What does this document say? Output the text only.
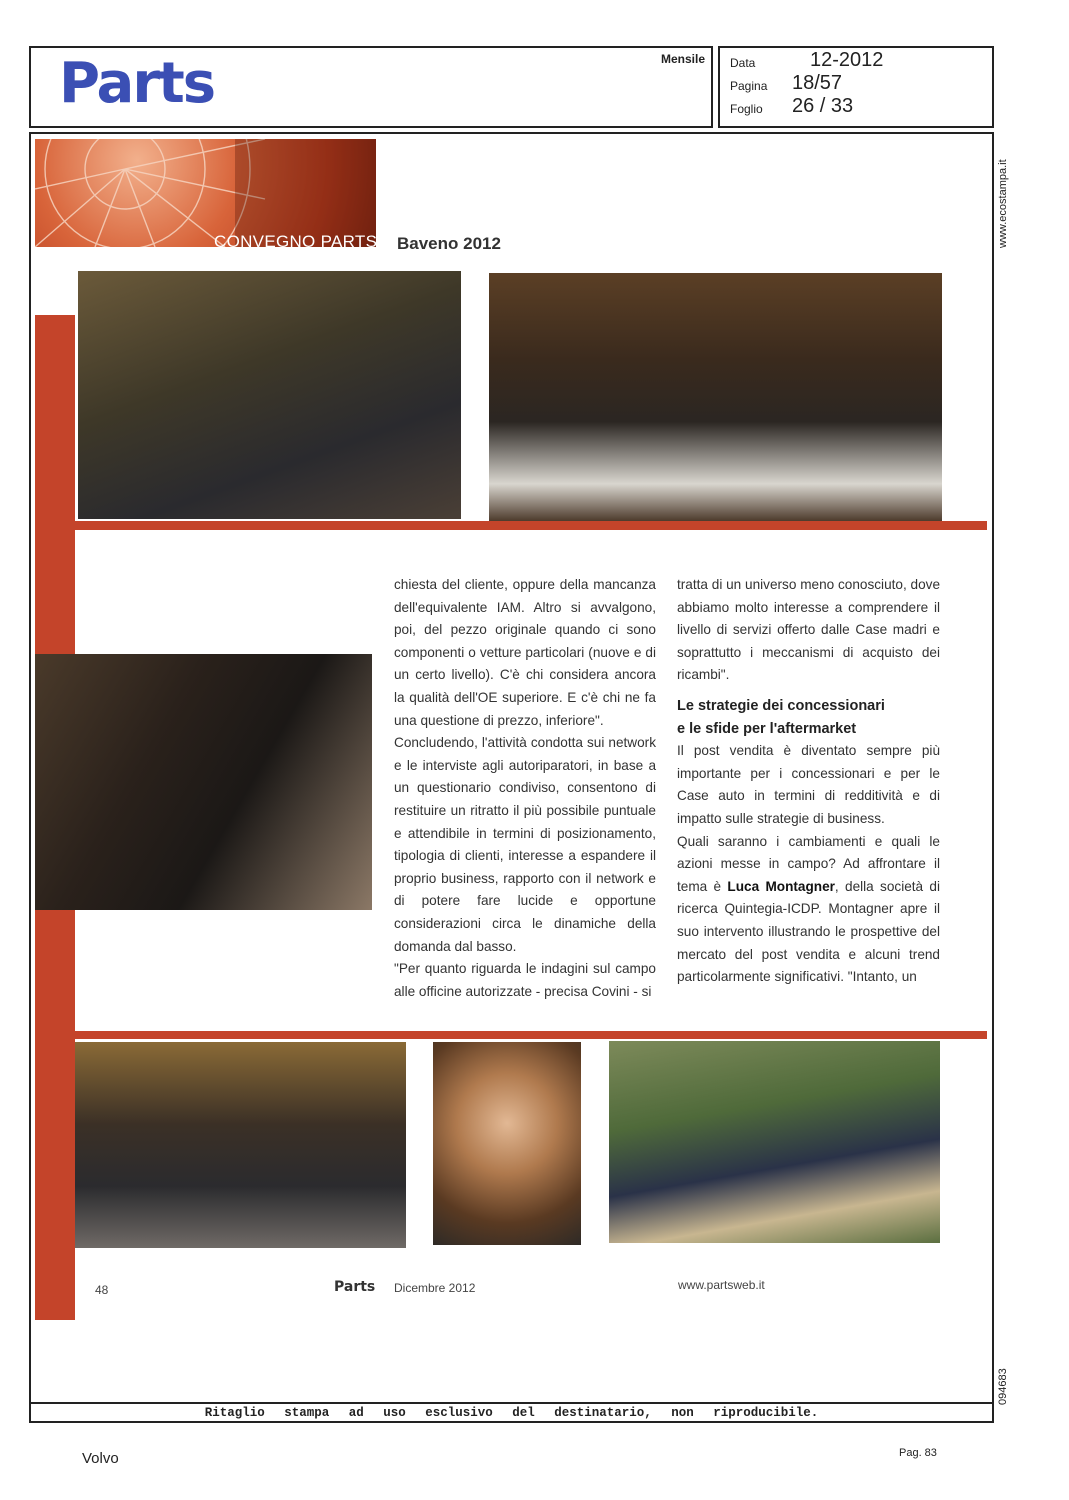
Parts	Mensile Data	12-2012
Pagina 18/57
Foglio 26 / 33
www.ecostampa.it
094683
CONVEGNO PARTS Baveno 2012

chiesta del cliente, oppure della mancanza dell'equivalente IAM. Altro si avvalgono, poi, del pezzo originale quando ci sono componenti o vetture particolari (nuove e di un certo livello). C'è chi considera ancora la qualità dell'OE superiore. E c'è chi ne fa una questione di prezzo, inferiore".

Concludendo, l'attività condotta sui network e le interviste agli autoriparatori, in base a un questionario condiviso, consentono di restituire un ritratto il più possibile puntuale e attendibile in termini di posizionamento, tipologia di clienti, interesse a espandere il proprio business, rapporto con il network e di potere fare lucide e opportune considerazioni circa le dinamiche della domanda dal basso.

"Per quanto riguarda le indagini sul campo alle officine autorizzate - precisa Covini - si

tratta di un universo meno conosciuto, dove abbiamo molto interesse a comprendere il livello di servizi offerto dalle Case madri e soprattutto i meccanismi di acquisto dei ricambi".

Le strategie dei concessionari
e le sfide per l'aftermarket

Il post vendita è diventato sempre più importante per i concessionari e per le Case auto in termini di redditività e di impatto sulle strategie di business.

Quali saranno i cambiamenti e quali le azioni messe in campo? Ad affrontare il tema è Luca Montagner, della società di ricerca Quintegia-ICDP. Montagner apre il suo intervento illustrando le prospettive del mercato del post vendita e alcuni trend particolarmente significativi. "Intanto, un

48	Parts Dicembre 2012	www.partsweb.it
Ritaglio stampa ad uso esclusivo del destinatario, non riproducibile.
Volvo	Pag. 83
